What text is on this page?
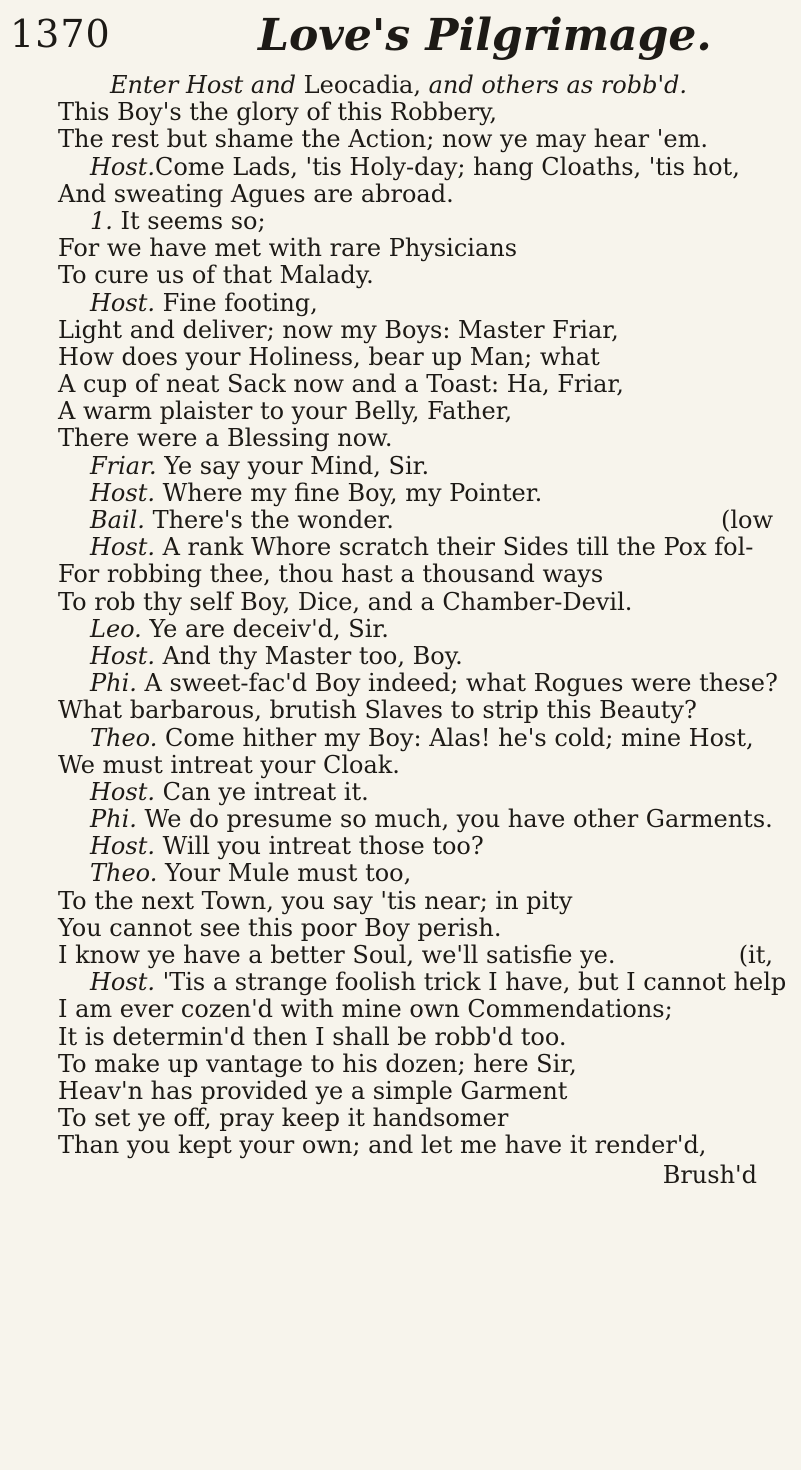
1370	Love's Pilgrimage.
Enter Host and Leocadia, and others as robb'd.
This Boy's the glory of this Robbery,
The rest but shame the Action; now ye may hear 'em.
Host.Come Lads, 'tis Holy-day; hang Cloaths, 'tis hot,
And sweating Agues are abroad.
1. It seems so;
For we have met with rare Physicians
To cure us of that Malady.
Host. Fine footing,
Light and deliver; now my Boys: Master Friar,
How does your Holiness, bear up Man; what
A cup of neat Sack now and a Toast: Ha, Friar,
A warm plaister to your Belly, Father,
There were a Blessing now.
Friar. Ye say your Mind, Sir.
Host. Where my fine Boy, my Pointer.
Bail. There's the wonder.	(low
Host. A rank Whore scratch their Sides till the Pox fol-
For robbing thee, thou hast a thousand ways
To rob thy self Boy, Dice, and a Chamber-Devil.
Leo. Ye are deceiv'd, Sir.
Host. And thy Master too, Boy.
Phi. A sweet-fac'd Boy indeed; what Rogues were these?
What barbarous, brutish Slaves to strip this Beauty?
Theo. Come hither my Boy: Alas! he's cold; mine Host,
We must intreat your Cloak.
Host. Can ye intreat it.
Phi. We do presume so much, you have other Garments.
Host. Will you intreat those too?
Theo. Your Mule must too,
To the next Town, you say 'tis near; in pity
You cannot see this poor Boy perish.
I know ye have a better Soul, we'll satisfie ye.	(it,
Host. 'Tis a strange foolish trick I have, but I cannot help
I am ever cozen'd with mine own Commendations;
It is determin'd then I shall be robb'd too.
To make up vantage to his dozen; here Sir,
Heav'n has provided ye a simple Garment
To set ye off, pray keep it handsomer
Than you kept your own; and let me have it render'd,
Brush'd
